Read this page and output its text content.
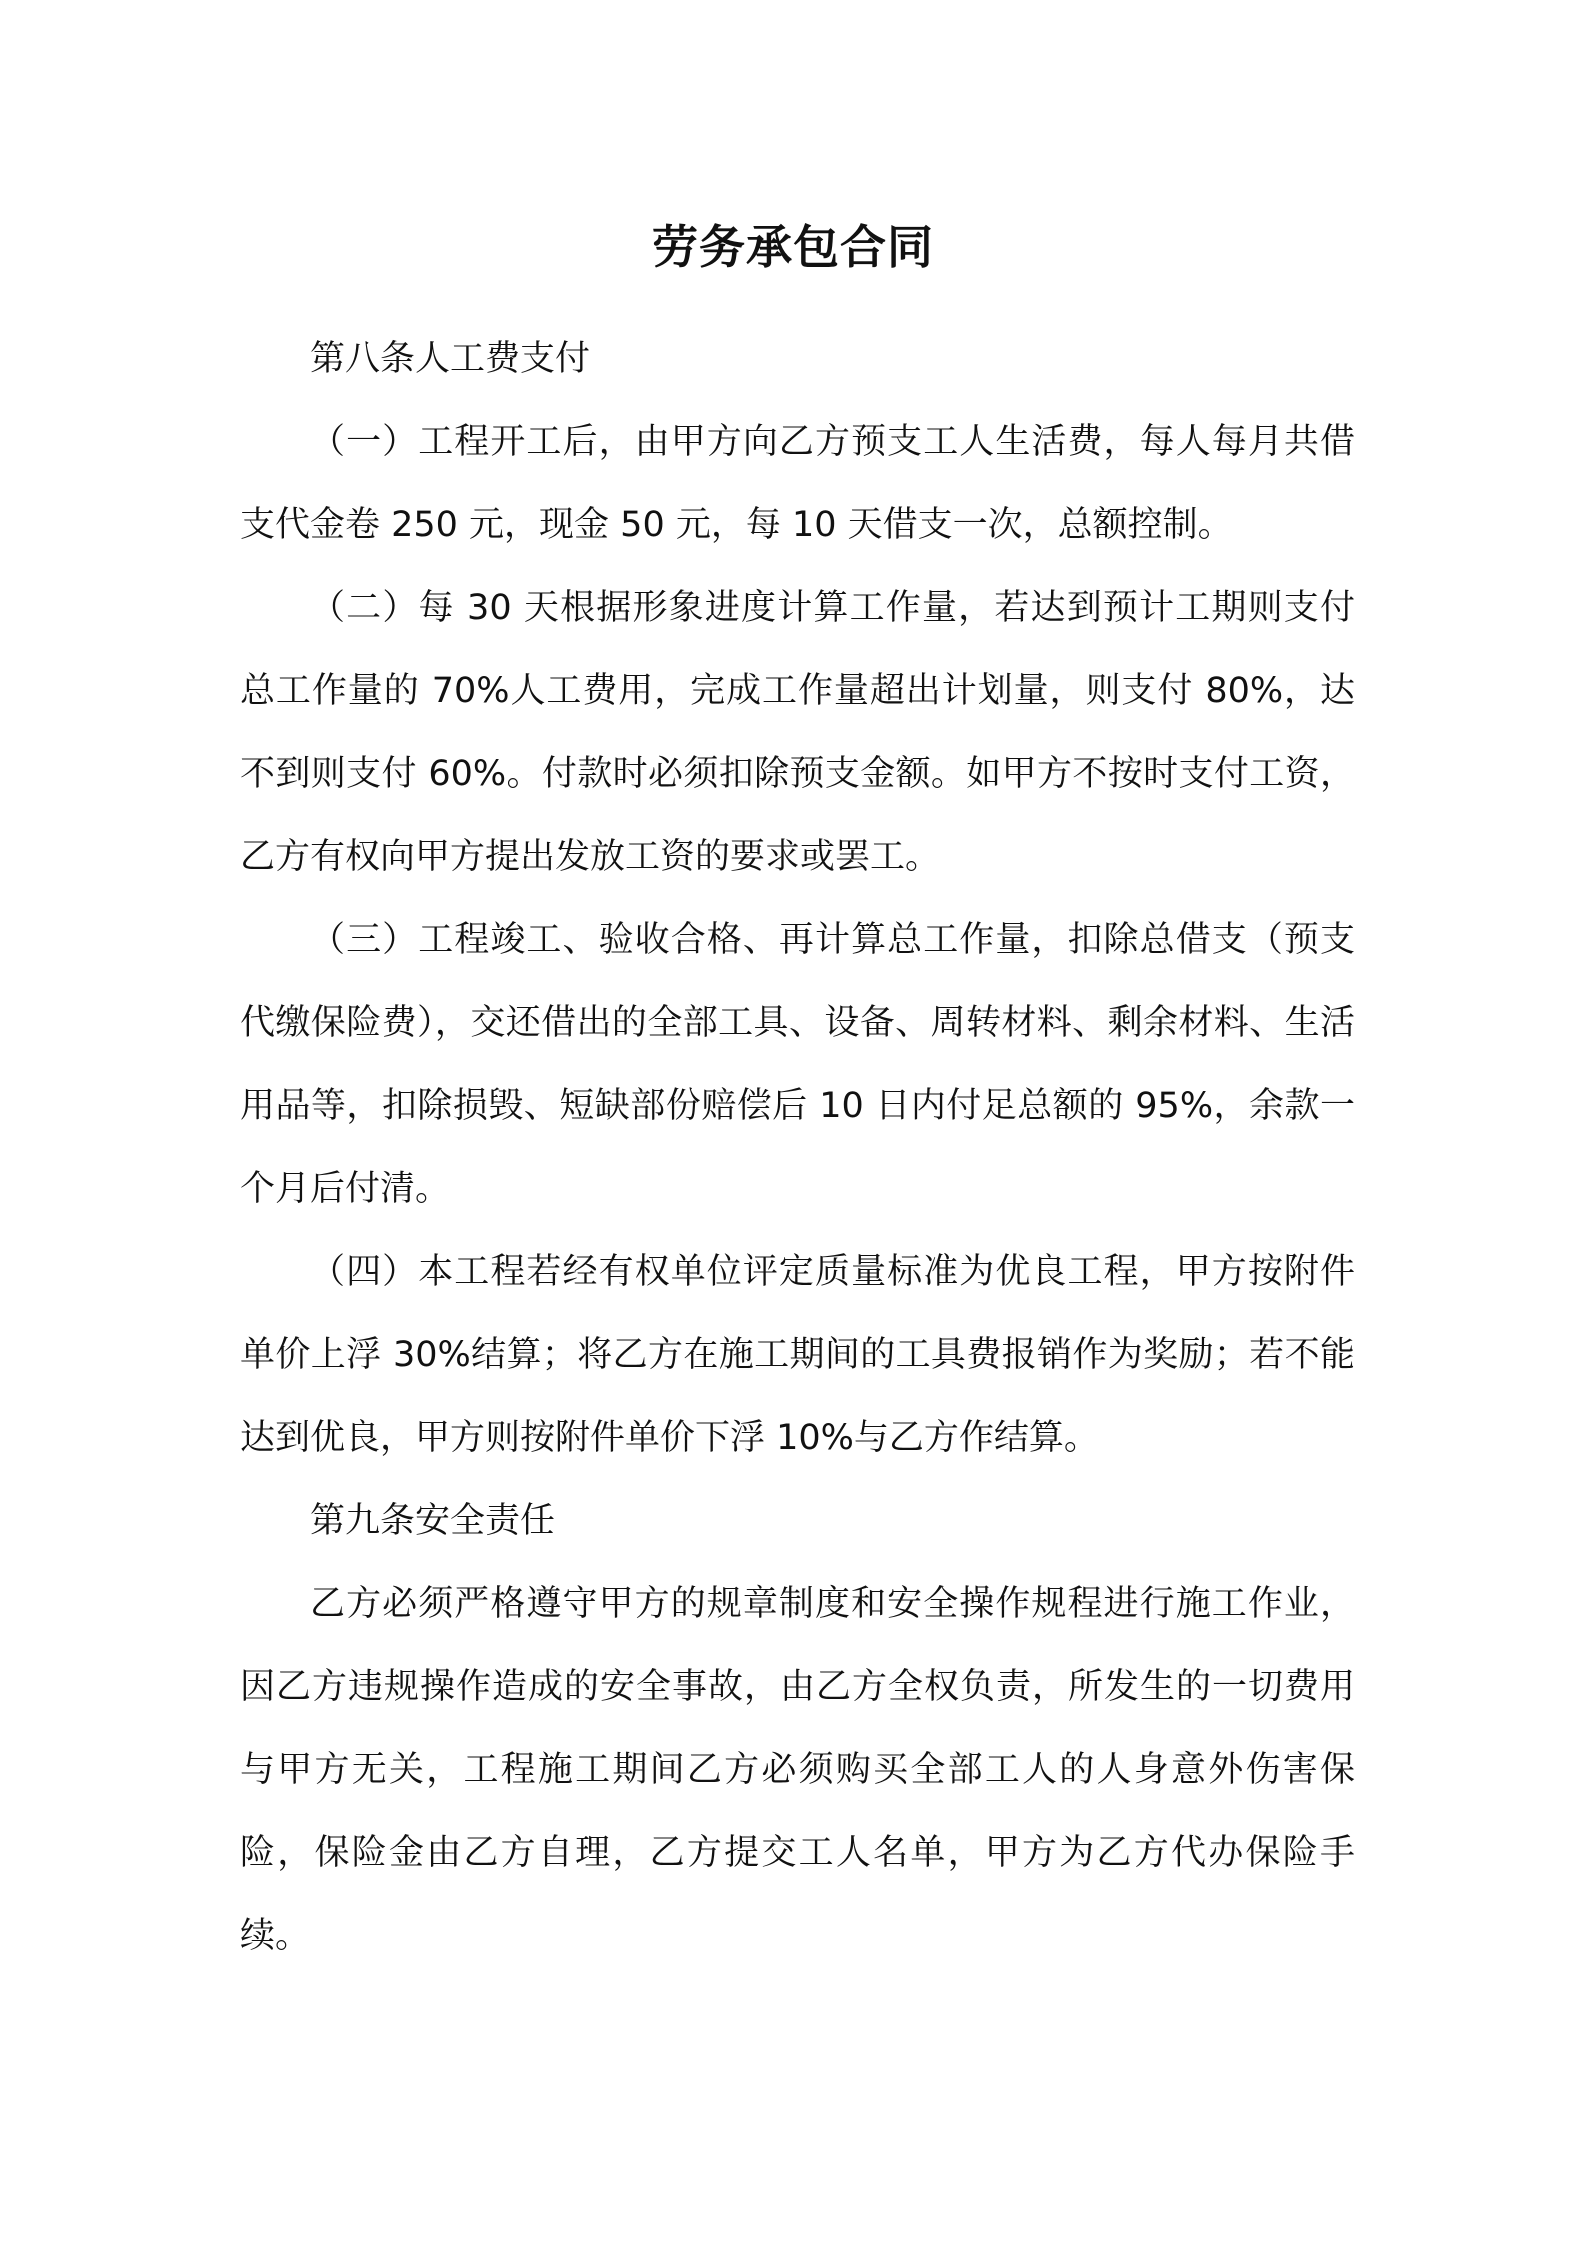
劳务承包合同

第八条人工费支付

（一）工程开工后，由甲方向乙方预支工人生活费，每人每月共借支代金卷 250 元，现金 50 元，每 10 天借支一次，总额控制。

（二）每 30 天根据形象进度计算工作量，若达到预计工期则支付总工作量的 70%人工费用，完成工作量超出计划量，则支付 80%，达不到则支付 60%。付款时必须扣除预支金额。如甲方不按时支付工资，乙方有权向甲方提出发放工资的要求或罢工。

（三）工程竣工、验收合格、再计算总工作量，扣除总借支（预支代缴保险费），交还借出的全部工具、设备、周转材料、剩余材料、生活用品等，扣除损毁、短缺部份赔偿后 10 日内付足总额的 95%，余款一个月后付清。

（四）本工程若经有权单位评定质量标准为优良工程，甲方按附件单价上浮 30%结算；将乙方在施工期间的工具费报销作为奖励；若不能达到优良，甲方则按附件单价下浮 10%与乙方作结算。

第九条安全责任

乙方必须严格遵守甲方的规章制度和安全操作规程进行施工作业，因乙方违规操作造成的安全事故，由乙方全权负责，所发生的一切费用与甲方无关，工程施工期间乙方必须购买全部工人的人身意外伤害保险，保险金由乙方自理，乙方提交工人名单，甲方为乙方代办保险手续。
